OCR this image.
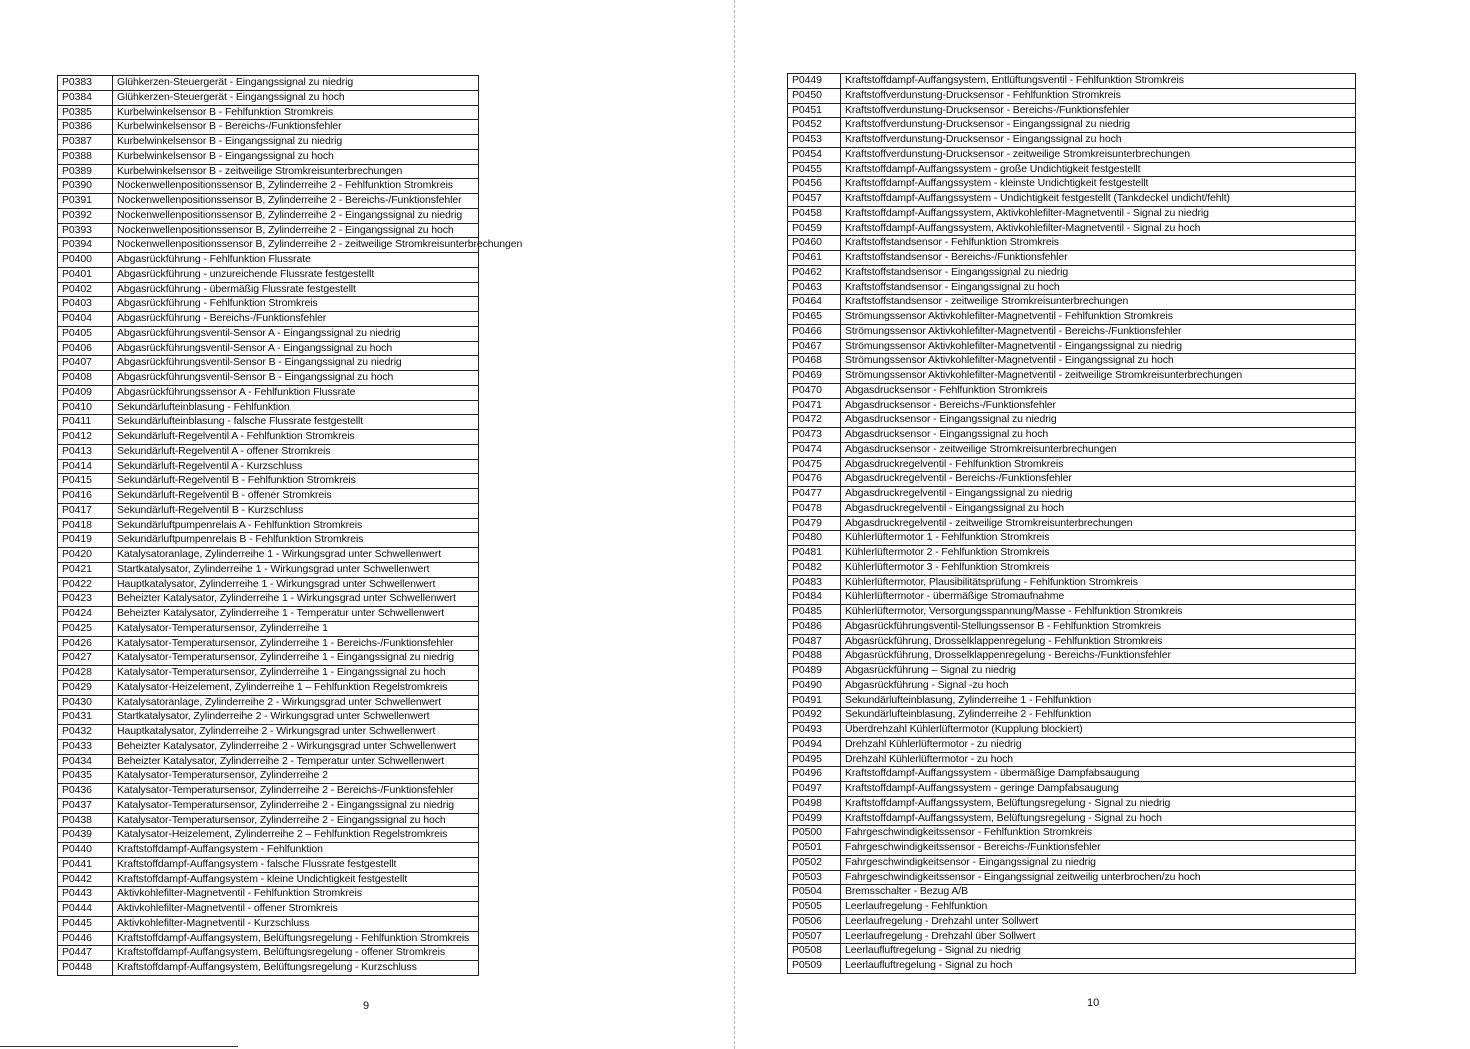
P0383	Glühkerzen-Steuergerät - Eingangssignal zu niedrig
P0384	Glühkerzen-Steuergerät - Eingangssignal zu hoch
P0385	Kurbelwinkelsensor B - Fehlfunktion Stromkreis
P0386	Kurbelwinkelsensor B - Bereichs-/Funktionsfehler
P0387	Kurbelwinkelsensor B - Eingangssignal zu niedrig
P0388	Kurbelwinkelsensor B - Eingangssignal zu hoch
P0389	Kurbelwinkelsensor B - zeitweilige Stromkreisunterbrechungen
P0390	Nockenwellenpositionssensor B, Zylinderreihe 2 - Fehlfunktion Stromkreis
P0391	Nockenwellenpositionssensor B, Zylinderreihe 2 - Bereichs-/Funktionsfehler
P0392	Nockenwellenpositionssensor B, Zylinderreihe 2 - Eingangssignal zu niedrig
P0393	Nockenwellenpositionssensor B, Zylinderreihe 2 - Eingangssignal zu hoch
P0394	Nockenwellenpositionssensor B, Zylinderreihe 2 - zeitweilige Stromkreisunterbrechungen
P0400	Abgasrückführung - Fehlfunktion Flussrate
P0401	Abgasrückführung - unzureichende Flussrate festgestellt
P0402	Abgasrückführung - übermäßig Flussrate festgestellt
P0403	Abgasrückführung - Fehlfunktion Stromkreis
P0404	Abgasrückführung - Bereichs-/Funktionsfehler
P0405	Abgasrückführungsventil-Sensor A - Eingangssignal zu niedrig
P0406	Abgasrückführungsventil-Sensor A - Eingangssignal zu hoch
P0407	Abgasrückführungsventil-Sensor B - Eingangssignal zu niedrig
P0408	Abgasrückführungsventil-Sensor B - Eingangssignal zu hoch
P0409	Abgasrückführungssensor A - Fehlfunktion Flussrate
P0410	Sekundärlufteinblasung - Fehlfunktion
P0411	Sekundärlufteinblasung - falsche Flussrate festgestellt
P0412	Sekundärluft-Regelventil A - Fehlfunktion Stromkreis
P0413	Sekundärluft-Regelventil A - offener Stromkreis
P0414	Sekundärluft-Regelventil A - Kurzschluss
P0415	Sekundärluft-Regelventil B - Fehlfunktion Stromkreis
P0416	Sekundärluft-Regelventil B - offener Stromkreis
P0417	Sekundärluft-Regelventil B - Kurzschluss
P0418	Sekundärluftpumpenrelais A - Fehlfunktion Stromkreis
P0419	Sekundärluftpumpenrelais B - Fehlfunktion Stromkreis
P0420	Katalysatoranlage, Zylinderreihe 1 - Wirkungsgrad unter Schwellenwert
P0421	Startkatalysator, Zylinderreihe 1 - Wirkungsgrad unter Schwellenwert
P0422	Hauptkatalysator, Zylinderreihe 1 - Wirkungsgrad unter Schwellenwert
P0423	Beheizter Katalysator, Zylinderreihe 1 - Wirkungsgrad unter Schwellenwert
P0424	Beheizter Katalysator, Zylinderreihe 1 - Temperatur unter Schwellenwert
P0425	Katalysator-Temperatursensor, Zylinderreihe 1
P0426	Katalysator-Temperatursensor, Zylinderreihe 1 - Bereichs-/Funktionsfehler
P0427	Katalysator-Temperatursensor, Zylinderreihe 1 - Eingangssignal zu niedrig
P0428	Katalysator-Temperatursensor, Zylinderreihe 1 - Eingangssignal zu hoch
P0429	Katalysator-Heizelement, Zylinderreihe 1 – Fehlfunktion Regelstromkreis
P0430	Katalysatoranlage, Zylinderreihe 2 - Wirkungsgrad unter Schwellenwert
P0431	Startkatalysator, Zylinderreihe 2 - Wirkungsgrad unter Schwellenwert
P0432	Hauptkatalysator, Zylinderreihe 2 - Wirkungsgrad unter Schwellenwert
P0433	Beheizter Katalysator, Zylinderreihe 2 - Wirkungsgrad unter Schwellenwert
P0434	Beheizter Katalysator, Zylinderreihe 2 - Temperatur unter Schwellenwert
P0435	Katalysator-Temperatursensor, Zylinderreihe 2
P0436	Katalysator-Temperatursensor, Zylinderreihe 2 - Bereichs-/Funktionsfehler
P0437	Katalysator-Temperatursensor, Zylinderreihe 2 - Eingangssignal zu niedrig
P0438	Katalysator-Temperatursensor, Zylinderreihe 2 - Eingangssignal zu hoch
P0439	Katalysator-Heizelement, Zylinderreihe 2 – Fehlfunktion Regelstromkreis
P0440	Kraftstoffdampf-Auffangsystem - Fehlfunktion
P0441	Kraftstoffdampf-Auffangsystem - falsche Flussrate festgestellt
P0442	Kraftstoffdampf-Auffangsystem - kleine Undichtigkeit festgestellt
P0443	Aktivkohlefilter-Magnetventil - Fehlfunktion Stromkreis
P0444	Aktivkohlefilter-Magnetventil - offener Stromkreis
P0445	Aktivkohlefilter-Magnetventil - Kurzschluss
P0446	Kraftstoffdampf-Auffangsystem, Belüftungsregelung - Fehlfunktion Stromkreis
P0447	Kraftstoffdampf-Auffangsystem, Belüftungsregelung - offener Stromkreis
P0448	Kraftstoffdampf-Auffangsystem, Belüftungsregelung - Kurzschluss
9
P0449	Kraftstoffdampf-Auffangsystem, Entlüftungsventil - Fehlfunktion Stromkreis
P0450	Kraftstoffverdunstung-Drucksensor - Fehlfunktion Stromkreis
P0451	Kraftstoffverdunstung-Drucksensor - Bereichs-/Funktionsfehler
P0452	Kraftstoffverdunstung-Drucksensor - Eingangssignal zu niedrig
P0453	Kraftstoffverdunstung-Drucksensor - Eingangssignal zu hoch
P0454	Kraftstoffverdunstung-Drucksensor - zeitweilige Stromkreisunterbrechungen
P0455	Kraftstoffdampf-Auffangssystem - große Undichtigkeit festgestellt
P0456	Kraftstoffdampf-Auffangssystem - kleinste Undichtigkeit festgestellt
P0457	Kraftstoffdampf-Auffangssystem - Undichtigkeit festgestellt (Tankdeckel undicht/fehlt)
P0458	Kraftstoffdampf-Auffangssystem, Aktivkohlefilter-Magnetventil - Signal zu niedrig
P0459	Kraftstoffdampf-Auffangssystem, Aktivkohlefilter-Magnetventil - Signal zu hoch
P0460	Kraftstoffstandsensor - Fehlfunktion Stromkreis
P0461	Kraftstoffstandsensor - Bereichs-/Funktionsfehler
P0462	Kraftstoffstandsensor - Eingangssignal zu niedrig
P0463	Kraftstoffstandsensor - Eingangssignal zu hoch
P0464	Kraftstoffstandsensor - zeitweilige Stromkreisunterbrechungen
P0465	Strömungssensor Aktivkohlefilter-Magnetventil - Fehlfunktion Stromkreis
P0466	Strömungssensor Aktivkohlefilter-Magnetventil - Bereichs-/Funktionsfehler
P0467	Strömungssensor Aktivkohlefilter-Magnetventil - Eingangssignal zu niedrig
P0468	Strömungssensor Aktivkohlefilter-Magnetventil - Eingangssignal zu hoch
P0469	Strömungssensor Aktivkohlefilter-Magnetventil - zeitweilige Stromkreisunterbrechungen
P0470	Abgasdrucksensor - Fehlfunktion Stromkreis
P0471	Abgasdrucksensor - Bereichs-/Funktionsfehler
P0472	Abgasdrucksensor - Eingangssignal zu niedrig
P0473	Abgasdrucksensor - Eingangssignal zu hoch
P0474	Abgasdrucksensor - zeitweilige Stromkreisunterbrechungen
P0475	Abgasdruckregelventil - Fehlfunktion Stromkreis
P0476	Abgasdruckregelventil - Bereichs-/Funktionsfehler
P0477	Abgasdruckregelventil - Eingangssignal zu niedrig
P0478	Abgasdruckregelventil - Eingangssignal zu hoch
P0479	Abgasdruckregelventil - zeitweilige Stromkreisunterbrechungen
P0480	Kühlerlüftermotor 1 - Fehlfunktion Stromkreis
P0481	Kühlerlüftermotor 2 - Fehlfunktion Stromkreis
P0482	Kühlerlüftermotor 3 - Fehlfunktion Stromkreis
P0483	Kühlerlüftermotor, Plausibilitätsprüfung - Fehlfunktion Stromkreis
P0484	Kühlerlüftermotor - übermäßige Stromaufnahme
P0485	Kühlerlüftermotor, Versorgungsspannung/Masse - Fehlfunktion Stromkreis
P0486	Abgasrückführungsventil-Stellungssensor B - Fehlfunktion Stromkreis
P0487	Abgasrückführung, Drosselklappenregelung - Fehlfunktion Stromkreis
P0488	Abgasrückführung, Drosselklappenregelung - Bereichs-/Funktionsfehler
P0489	Abgasrückführung – Signal zu niedrig
P0490	Abgasrückführung - Signal -zu hoch
P0491	Sekundärlufteinblasung, Zylinderreihe 1 - Fehlfunktion
P0492	Sekundärlufteinblasung, Zylinderreihe 2 - Fehlfunktion
P0493	Überdrehzahl Kühlerlüftermotor (Kupplung blockiert)
P0494	Drehzahl Kühlerlüftermotor - zu niedrig
P0495	Drehzahl Kühlerlüftermotor - zu hoch
P0496	Kraftstoffdampf-Auffangssystem - übermäßige Dampfabsaugung
P0497	Kraftstoffdampf-Auffangssystem - geringe Dampfabsaugung
P0498	Kraftstoffdampf-Auffangssystem, Belüftungsregelung - Signal zu niedrig
P0499	Kraftstoffdampf-Auffangssystem, Belüftungsregelung - Signal zu hoch
P0500	Fahrgeschwindigkeitssensor - Fehlfunktion Stromkreis
P0501	Fahrgeschwindigkeitssensor - Bereichs-/Funktionsfehler
P0502	Fahrgeschwindigkeitsensor - Eingangssignal zu niedrig
P0503	Fahrgeschwindigkeitssensor - Eingangssignal zeitweilig unterbrochen/zu hoch
P0504	Bremsschalter - Bezug A/B
P0505	Leerlaufregelung - Fehlfunktion
P0506	Leerlaufregelung - Drehzahl unter Sollwert
P0507	Leerlaufregelung - Drehzahl über Sollwert
P0508	Leerlaufluftregelung - Signal zu niedrig
P0509	Leerlaufluftregelung - Signal zu hoch
10
